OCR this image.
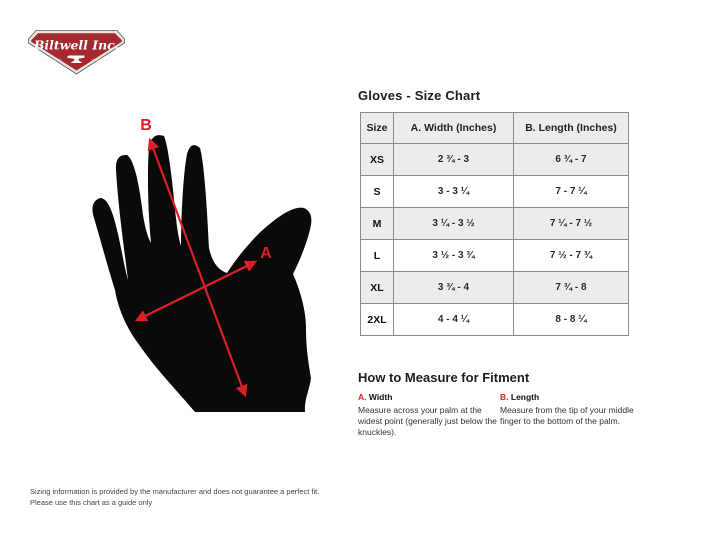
Biltwell Inc.
"QUALITY"	"COUNTS"
B
A
Gloves - Size Chart
Size	A. Width (Inches)	B. Length (Inches)
XS	2 ¾ - 3	6 ¾ - 7
S	3 - 3 ¼	7 - 7 ¼
M	3 ¼ - 3 ½	7 ¼ - 7 ½
L	3 ½ - 3 ¾	7 ½ - 7 ¾
XL	3 ¾ - 4	7 ¾ - 8
2XL	4 - 4 ¼	8 - 8 ¼
How to Measure for Fitment
A. Width
Measure across your palm at the widest point (generally just below the knuckles).
B. Length
Measure from the tip of your middle finger to the bottom of the palm.
Sizing information is provided by the manufacturer and does not guarantee a perfect fit.
Please use this chart as a guide only
